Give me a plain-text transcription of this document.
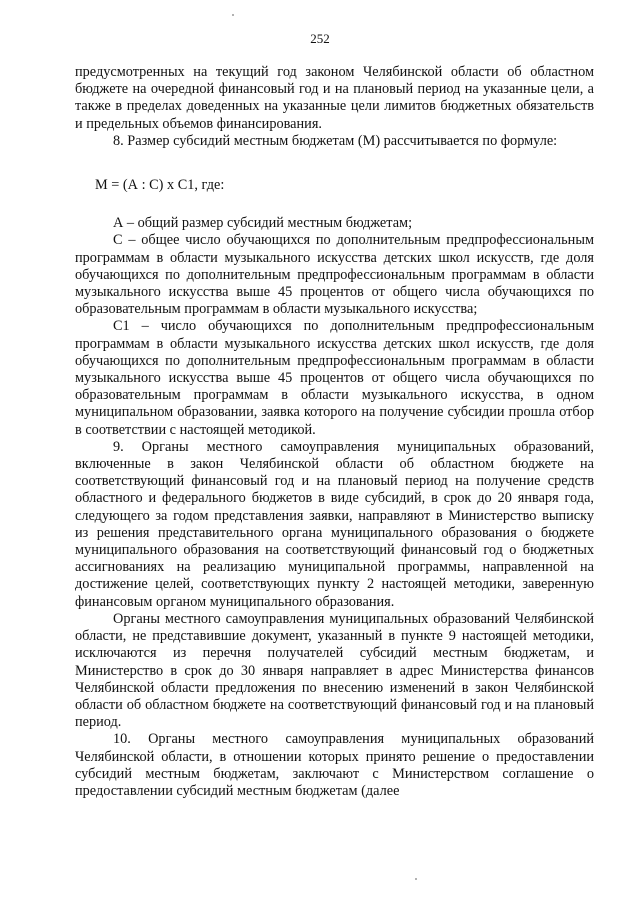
252

предусмотренных на текущий год законом Челябинской области об областном бюджете на очередной финансовый год и на плановый период на указанные цели, а также в пределах доведенных на указанные цели лимитов бюджетных обязательств и предельных объемов финансирования.

8. Размер субсидий местным бюджетам (М) рассчитывается по формуле:

М = (А : С) х С1, где:

А – общий размер субсидий местным бюджетам;

С – общее число обучающихся по дополнительным предпрофессиональным программам в области музыкального искусства детских школ искусств, где доля обучающихся по дополнительным предпрофессиональным программам в области музыкального искусства выше 45 процентов от общего числа обучающихся по образовательным программам в области музыкального искусства;

С1 – число обучающихся по дополнительным предпрофессиональным программам в области музыкального искусства детских школ искусств, где доля обучающихся по дополнительным предпрофессиональным программам в области музыкального искусства выше 45 процентов от общего числа обучающихся по образовательным программам в области музыкального искусства, в одном муниципальном образовании, заявка которого на получение субсидии прошла отбор в соответствии с настоящей методикой.

9. Органы местного самоуправления муниципальных образований, включенные в закон Челябинской области об областном бюджете на соответствующий финансовый год и на плановый период на получение средств областного и федерального бюджетов в виде субсидий, в срок до 20 января года, следующего за годом представления заявки, направляют в Министерство выписку из решения представительного органа муниципального образования о бюджете муниципального образования на соответствующий финансовый год о бюджетных ассигнованиях на реализацию муниципальной программы, направленной на достижение целей, соответствующих пункту 2 настоящей методики, заверенную финансовым органом муниципального образования.

Органы местного самоуправления муниципальных образований Челябинской области, не представившие документ, указанный в пункте 9 настоящей методики, исключаются из перечня получателей субсидий местным бюджетам, и Министерство в срок до 30 января направляет в адрес Министерства финансов Челябинской области предложения по внесению изменений в закон Челябинской области об областном бюджете на соответствующий финансовый год и на плановый период.

10. Органы местного самоуправления муниципальных образований Челябинской области, в отношении которых принято решение о предоставлении субсидий местным бюджетам, заключают с Министерством соглашение о предоставлении субсидий местным бюджетам (далее
